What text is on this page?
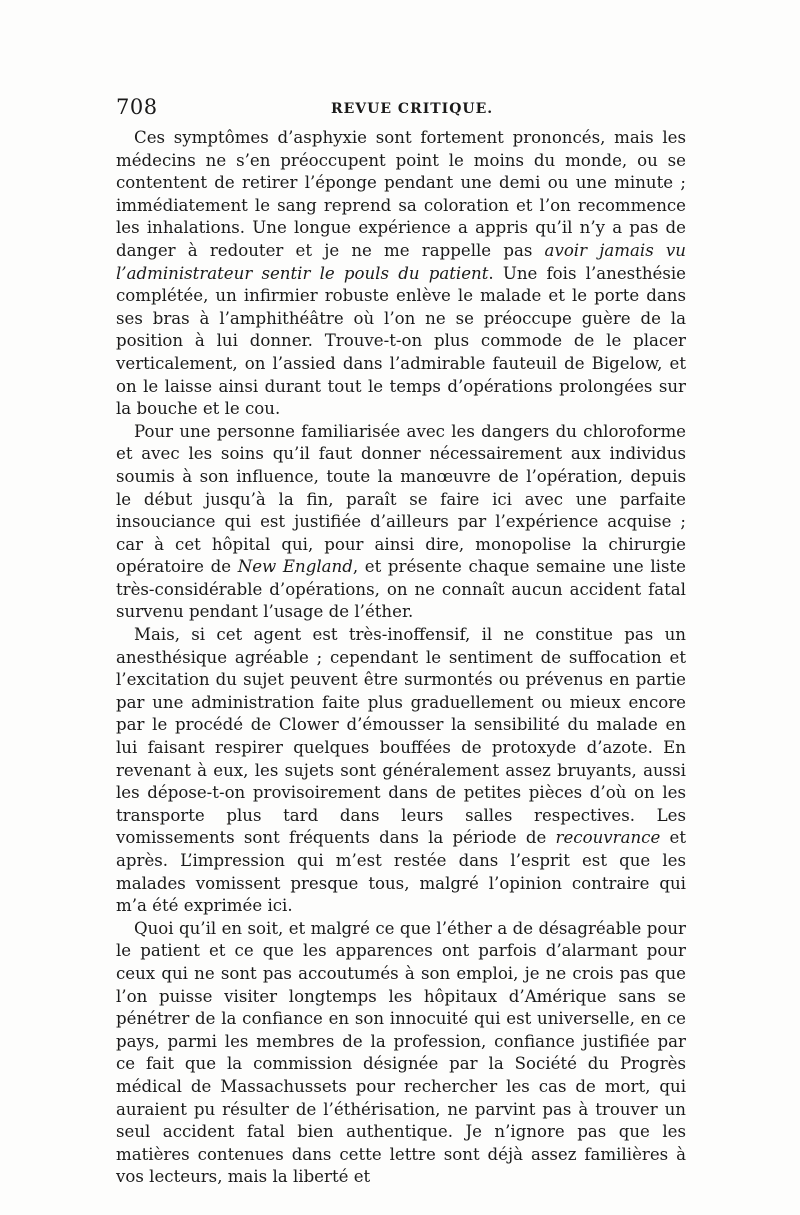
708	REVUE CRITIQUE.

Ces symptômes d’asphyxie sont fortement prononcés, mais les médecins ne s’en préoccupent point le moins du monde, ou se contentent de retirer l’éponge pendant une demi ou une minute ; immédiatement le sang reprend sa coloration et l’on recommence les inhalations. Une longue expérience a appris qu’il n’y a pas de danger à redouter et je ne me rappelle pas avoir jamais vu l’administrateur sentir le pouls du patient. Une fois l’anesthésie complétée, un infirmier robuste enlève le malade et le porte dans ses bras à l’amphithéâtre où l’on ne se préoccupe guère de la position à lui donner. Trouve-t-on plus commode de le placer verticalement, on l’assied dans l’admirable fauteuil de Bigelow, et on le laisse ainsi durant tout le temps d’opérations prolongées sur la bouche et le cou.

Pour une personne familiarisée avec les dangers du chloroforme et avec les soins qu’il faut donner nécessairement aux individus soumis à son influence, toute la manœuvre de l’opération, depuis le début jusqu’à la fin, paraît se faire ici avec une parfaite insouciance qui est justifiée d’ailleurs par l’expérience acquise ; car à cet hôpital qui, pour ainsi dire, monopolise la chirurgie opératoire de New England, et présente chaque semaine une liste très-considérable d’opérations, on ne connaît aucun accident fatal survenu pendant l’usage de l’éther.

Mais, si cet agent est très-inoffensif, il ne constitue pas un anesthésique agréable ; cependant le sentiment de suffocation et l’excitation du sujet peuvent être surmontés ou prévenus en partie par une administration faite plus graduellement ou mieux encore par le procédé de Clower d’émousser la sensibilité du malade en lui faisant respirer quelques bouffées de protoxyde d’azote. En revenant à eux, les sujets sont généralement assez bruyants, aussi les dépose-t-on provisoirement dans de petites pièces d’où on les transporte plus tard dans leurs salles respectives. Les vomissements sont fréquents dans la période de recouvrance et après. L’impression qui m’est restée dans l’esprit est que les malades vomissent presque tous, malgré l’opinion contraire qui m’a été exprimée ici.

Quoi qu’il en soit, et malgré ce que l’éther a de désagréable pour le patient et ce que les apparences ont parfois d’alarmant pour ceux qui ne sont pas accoutumés à son emploi, je ne crois pas que l’on puisse visiter longtemps les hôpitaux d’Amérique sans se pénétrer de la confiance en son innocuité qui est universelle, en ce pays, parmi les membres de la profession, confiance justifiée par ce fait que la commission désignée par la Société du Progrès médical de Massachussets pour rechercher les cas de mort, qui auraient pu résulter de l’éthérisation, ne parvint pas à trouver un seul accident fatal bien authentique. Je n’ignore pas que les matières contenues dans cette lettre sont déjà assez familières à vos lecteurs, mais la liberté et
